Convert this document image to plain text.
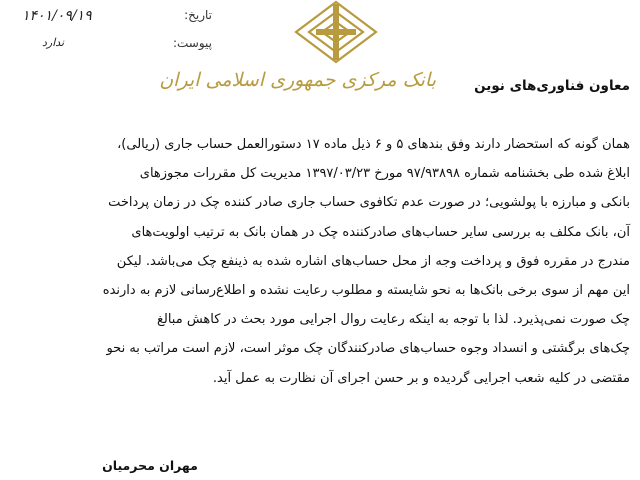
تاریخ:
۱۴۰۱/۰۹/۱۹
پیوست:
ندارد
بانک مرکزی جمهوری اسلامی ایران	معاون فناوری‌های نوین
همان گونه که استحضار دارند وفق بندهای ۵ و ۶ ذیل ماده ۱۷ دستورالعمل حساب جاری (ریالی)،
ابلاغ شده طی بخشنامه شماره ۹۷/۹۳۸۹۸ مورخ ۱۳۹۷/۰۳/۲۳ مدیریت کل مقررات مجوزهای
بانکی و مبارزه با پولشویی؛ در صورت عدم تکافوی حساب جاری صادر کننده چک در زمان پرداخت
آن، بانک مکلف به بررسی سایر حساب‌های صادرکننده چک در همان بانک به ترتیب اولویت‌های
مندرج در مقرره فوق و پرداخت وجه از محل حساب‌های اشاره شده به ذینفع چک می‌باشد. لیکن
این مهم از سوی برخی بانک‌ها به نحو شایسته و مطلوب رعایت نشده و اطلاع‌رسانی لازم به دارنده
چک صورت نمی‌پذیرد. لذا با توجه به اینکه رعایت روال اجرایی مورد بحث در کاهش مبالغ
چک‌های برگشتی و انسداد وجوه حساب‌های صادرکنندگان چک موثر است، لازم است مراتب به نحو
مقتضی در کلیه شعب اجرایی گردیده و بر حسن اجرای آن نظارت به عمل آید.
مهران محرمیان
